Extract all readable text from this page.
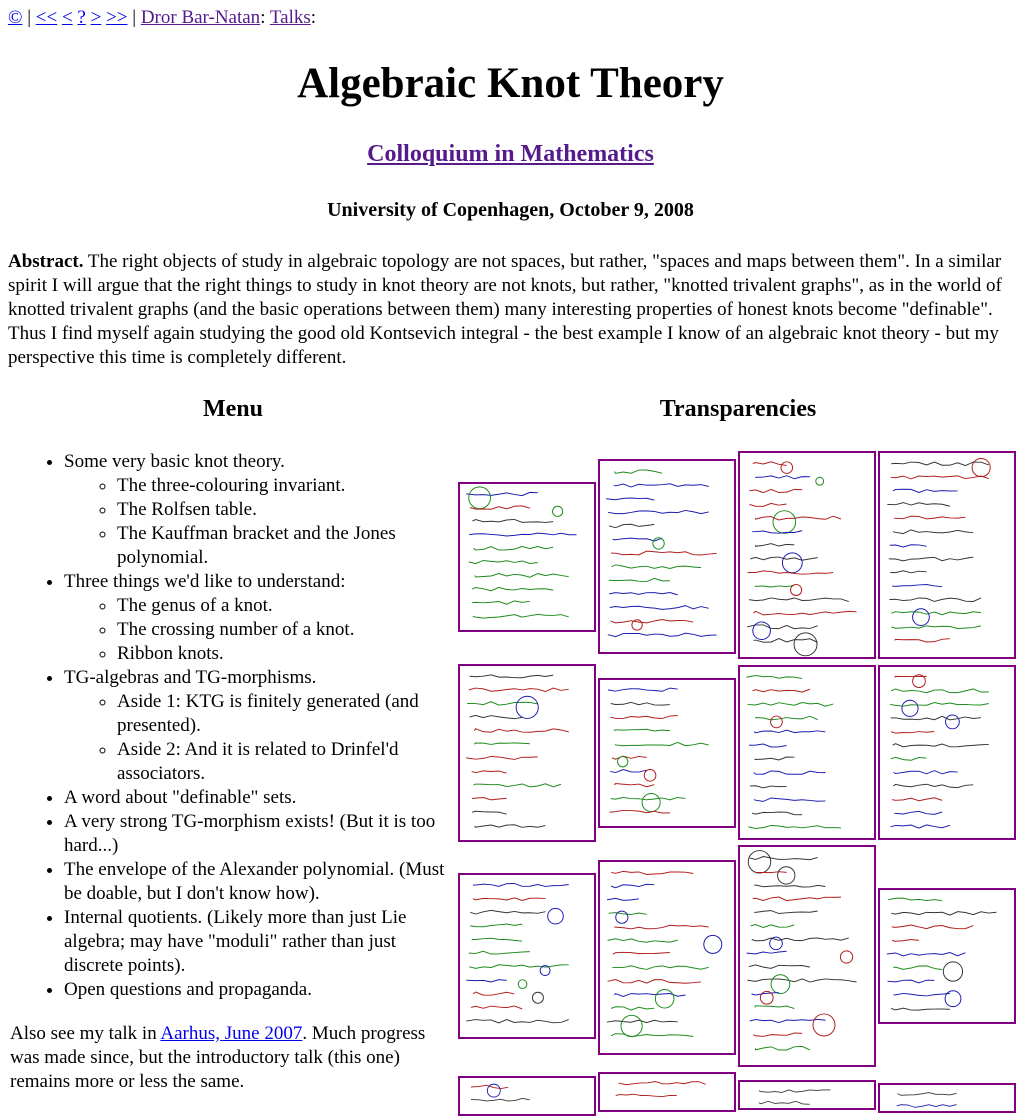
© | << < ? > >> | Dror Bar-Natan: Talks:
Algebraic Knot Theory
Colloquium in Mathematics
University of Copenhagen, October 9, 2008
Abstract. The right objects of study in algebraic topology are not spaces, but rather, "spaces and maps between them". In a similar spirit I will argue that the right things to study in knot theory are not knots, but rather, "knotted trivalent graphs", as in the world of knotted trivalent graphs (and the basic operations between them) many interesting properties of honest knots become "definable". Thus I find myself again studying the good old Kontsevich integral - the best example I know of an algebraic knot theory - but my perspective this time is completely different.
Menu	Transparencies
• Some very basic knot theory.
◦ The three-colouring invariant.
◦ The Rolfsen table.
◦ The Kauffman bracket and the Jones polynomial.
• Three things we'd like to understand:
◦ The genus of a knot.
◦ The crossing number of a knot.
◦ Ribbon knots.
• TG-algebras and TG-morphisms.
◦ Aside 1: KTG is finitely generated (and presented).
◦ Aside 2: And it is related to Drinfel'd associators.
• A word about "definable" sets.
• A very strong TG-morphism exists! (But it is too hard...)
• The envelope of the Alexander polynomial. (Must be doable, but I don't know how).
• Internal quotients. (Likely more than just Lie algebra; may have "moduli" rather than just discrete points).
• Open questions and propaganda.
Also see my talk in Aarhus, June 2007. Much progress was made since, but the introductory talk (this one) remains more or less the same.
